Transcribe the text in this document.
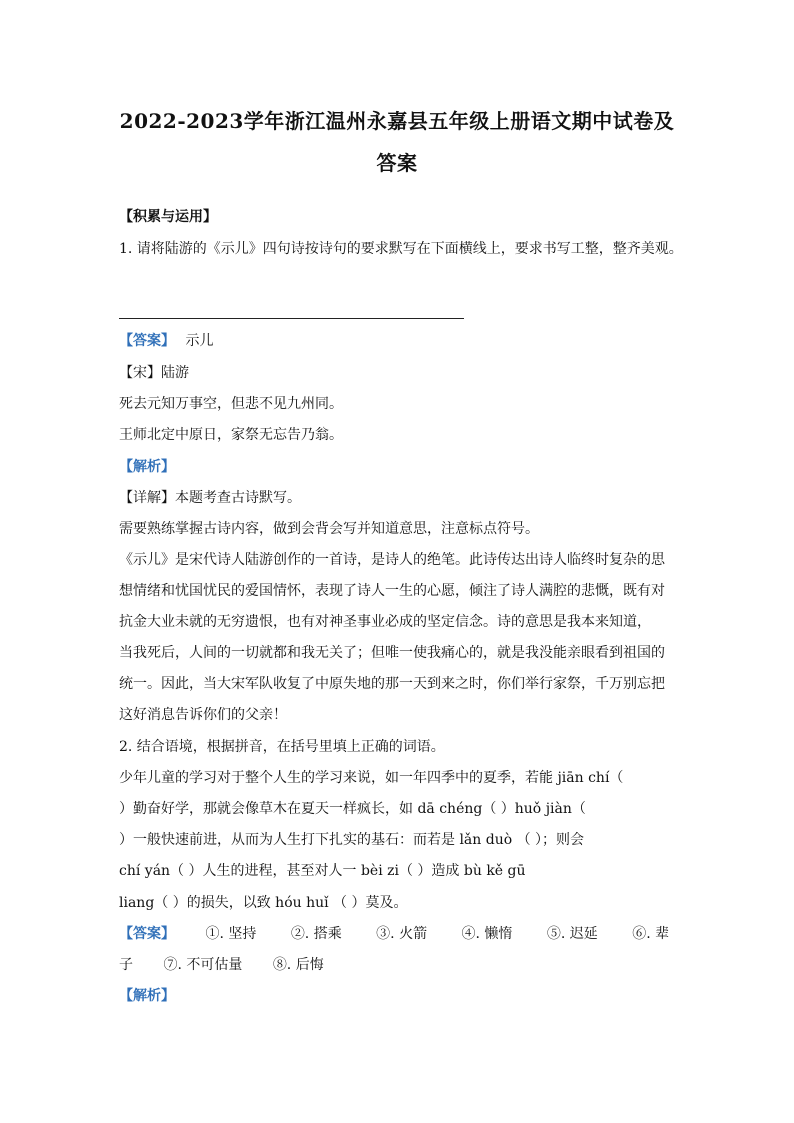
2022-2023学年浙江温州永嘉县五年级上册语文期中试卷及
答案
【积累与运用】
1. 请将陆游的《示儿》四句诗按诗句的要求默写在下面横线上，要求书写工整，整齐美观。
【答案】 示儿
【宋】陆游
死去元知万事空，但悲不见九州同。
王师北定中原日，家祭无忘告乃翁。
【解析】
【详解】本题考查古诗默写。
需要熟练掌握古诗内容，做到会背会写并知道意思，注意标点符号。
《示儿》是宋代诗人陆游创作的一首诗，是诗人的绝笔。此诗传达出诗人临终时复杂的思
想情绪和忧国忧民的爱国情怀，表现了诗人一生的心愿，倾注了诗人满腔的悲慨，既有对
抗金大业未就的无穷遗恨，也有对神圣事业必成的坚定信念。诗的意思是我本来知道，
当我死后，人间的一切就都和我无关了；但唯一使我痛心的，就是我没能亲眼看到祖国的
统一。因此，当大宋军队收复了中原失地的那一天到来之时，你们举行家祭，千万别忘把
这好消息告诉你们的父亲！
2. 结合语境，根据拼音，在括号里填上正确的词语。
少年儿童的学习对于整个人生的学习来说，如一年四季中的夏季，若能 jiān chí（
）勤奋好学，那就会像草木在夏天一样疯长，如 dā chéng（ ）huǒ jiàn（
）一般快速前进，从而为人生打下扎实的基石：而若是 lǎn duò （ ）；则会
chí yán（ ）人生的进程，甚至对人一 bèi zi（ ）造成 bù kě gū
liang（ ）的损失，以致 hóu huǐ （ ）莫及。
【答案】 ①. 坚持 ②. 搭乘 ③. 火箭 ④. 懒惰 ⑤. 迟延 ⑥. 辈
子 ⑦. 不可估量 ⑧. 后悔
【解析】
